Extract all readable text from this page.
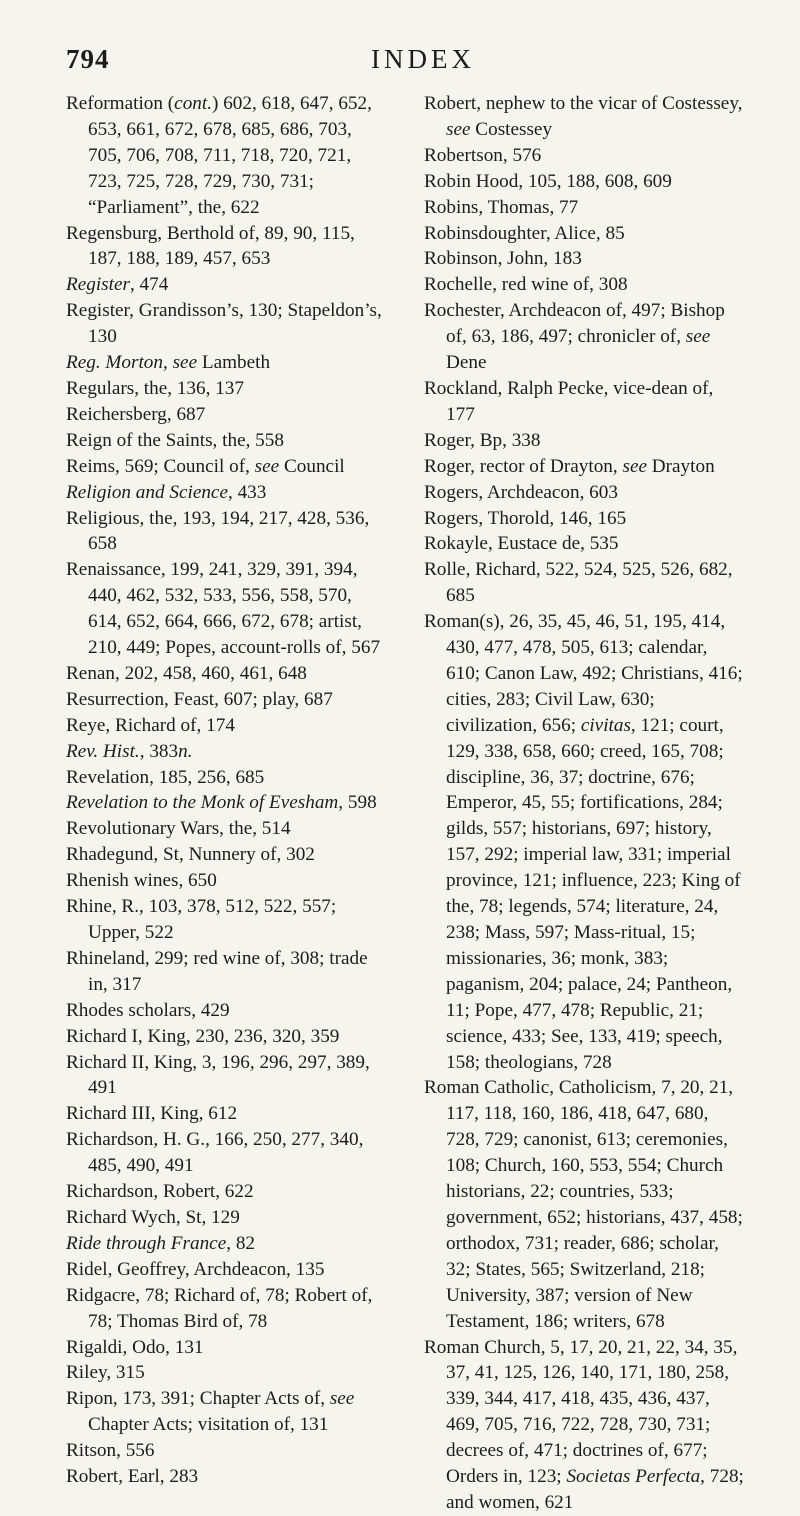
794	INDEX

Reformation (cont.) 602, 618, 647, 652, 653, 661, 672, 678, 685, 686, 703, 705, 706, 708, 711, 718, 720, 721, 723, 725, 728, 729, 730, 731; “Parliament”, the, 622

Regensburg, Berthold of, 89, 90, 115, 187, 188, 189, 457, 653

Register, 474

Register, Grandisson’s, 130; Stapeldon’s, 130

Reg. Morton, see Lambeth

Regulars, the, 136, 137

Reichersberg, 687

Reign of the Saints, the, 558

Reims, 569; Council of, see Council

Religion and Science, 433

Religious, the, 193, 194, 217, 428, 536, 658

Renaissance, 199, 241, 329, 391, 394, 440, 462, 532, 533, 556, 558, 570, 614, 652, 664, 666, 672, 678; artist, 210, 449; Popes, account-rolls of, 567

Renan, 202, 458, 460, 461, 648

Resurrection, Feast, 607; play, 687

Reye, Richard of, 174

Rev. Hist., 383n.

Revelation, 185, 256, 685

Revelation to the Monk of Evesham, 598

Revolutionary Wars, the, 514

Rhadegund, St, Nunnery of, 302

Rhenish wines, 650

Rhine, R., 103, 378, 512, 522, 557; Upper, 522

Rhineland, 299; red wine of, 308; trade in, 317

Rhodes scholars, 429

Richard I, King, 230, 236, 320, 359

Richard II, King, 3, 196, 296, 297, 389, 491

Richard III, King, 612

Richardson, H. G., 166, 250, 277, 340, 485, 490, 491

Richardson, Robert, 622

Richard Wych, St, 129

Ride through France, 82

Ridel, Geoffrey, Archdeacon, 135

Ridgacre, 78; Richard of, 78; Robert of, 78; Thomas Bird of, 78

Rigaldi, Odo, 131

Riley, 315

Ripon, 173, 391; Chapter Acts of, see Chapter Acts; visitation of, 131

Ritson, 556

Robert, Earl, 283

Robert, nephew to the vicar of Costessey, see Costessey

Robertson, 576

Robin Hood, 105, 188, 608, 609

Robins, Thomas, 77

Robinsdoughter, Alice, 85

Robinson, John, 183

Rochelle, red wine of, 308

Rochester, Archdeacon of, 497; Bishop of, 63, 186, 497; chronicler of, see Dene

Rockland, Ralph Pecke, vice-dean of, 177

Roger, Bp, 338

Roger, rector of Drayton, see Drayton

Rogers, Archdeacon, 603

Rogers, Thorold, 146, 165

Rokayle, Eustace de, 535

Rolle, Richard, 522, 524, 525, 526, 682, 685

Roman(s), 26, 35, 45, 46, 51, 195, 414, 430, 477, 478, 505, 613; calendar, 610; Canon Law, 492; Christians, 416; cities, 283; Civil Law, 630; civilization, 656; civitas, 121; court, 129, 338, 658, 660; creed, 165, 708; discipline, 36, 37; doctrine, 676; Emperor, 45, 55; fortifications, 284; gilds, 557; historians, 697; history, 157, 292; imperial law, 331; imperial province, 121; influence, 223; King of the, 78; legends, 574; literature, 24, 238; Mass, 597; Mass-ritual, 15; missionaries, 36; monk, 383; paganism, 204; palace, 24; Pantheon, 11; Pope, 477, 478; Republic, 21; science, 433; See, 133, 419; speech, 158; theologians, 728

Roman Catholic, Catholicism, 7, 20, 21, 117, 118, 160, 186, 418, 647, 680, 728, 729; canonist, 613; ceremonies, 108; Church, 160, 553, 554; Church historians, 22; countries, 533; government, 652; historians, 437, 458; orthodox, 731; reader, 686; scholar, 32; States, 565; Switzerland, 218; University, 387; version of New Testament, 186; writers, 678

Roman Church, 5, 17, 20, 21, 22, 34, 35, 37, 41, 125, 126, 140, 171, 180, 258, 339, 344, 417, 418, 435, 436, 437, 469, 705, 716, 722, 728, 730, 731; decrees of, 471; doctrines of, 677; Orders in, 123; Societas Perfecta, 728; and women, 621
